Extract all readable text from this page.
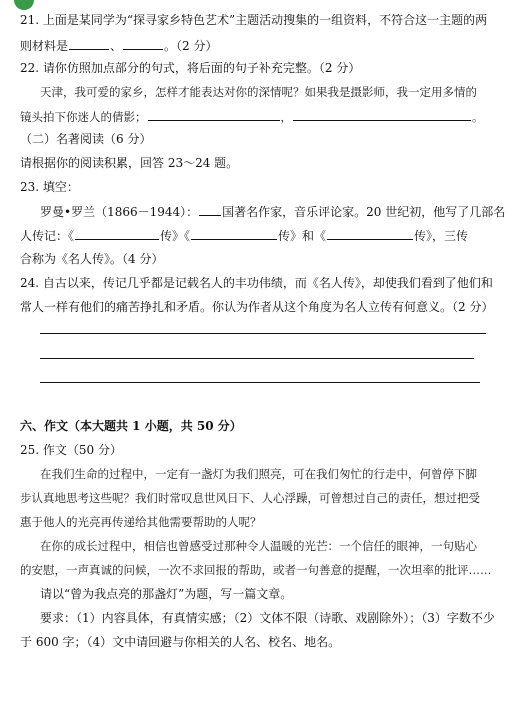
21. 上面是某同学为“探寻家乡特色艺术”主题活动搜集的一组资料，不符合这一主题的两
则材料是	、	。（2 分）
22. 请你仿照加点部分的句式，将后面的句子补充完整。（2 分）
天津，我可爱的家乡，怎样才能表达对你的深情呢？如果我是摄影师，我一定用多情的
镜头拍下你迷人的倩影；	，	。
（二）名著阅读（6 分）
请根据你的阅读积累，回答 23～24 题。
23. 填空：
罗曼•罗兰（1866－1944）： 国著名作家，音乐评论家。20 世纪初，他写了几部名
人传记：《	传》《	传》和《	传》，三传
合称为《名人传》。（4 分）
24. 自古以来，传记几乎都是记载名人的丰功伟绩，而《名人传》，却使我们看到了他们和
常人一样有他们的痛苦挣扎和矛盾。你认为作者从这个角度为名人立传有何意义。（2 分）
六、作文（本大题共 1 小题，共 50 分）
25. 作文（50 分）
在我们生命的过程中，一定有一盏灯为我们照亮，可在我们匆忙的行走中，何曾停下脚
步认真地思考这些呢？我们时常叹息世风日下、人心浮躁，可曾想过自己的责任，想过把受
惠于他人的光亮再传递给其他需要帮助的人呢？
在你的成长过程中，相信也曾感受过那种令人温暖的光芒：一个信任的眼神，一句贴心
的安慰，一声真诚的问候，一次不求回报的帮助，或者一句善意的提醒，一次坦率的批评……
请以“曾为我点亮的那盏灯”为题，写一篇文章。
要求：（1）内容具体，有真情实感；（2）文体不限（诗歌、戏剧除外）；（3）字数不少
于 600 字；（4）文中请回避与你相关的人名、校名、地名。
